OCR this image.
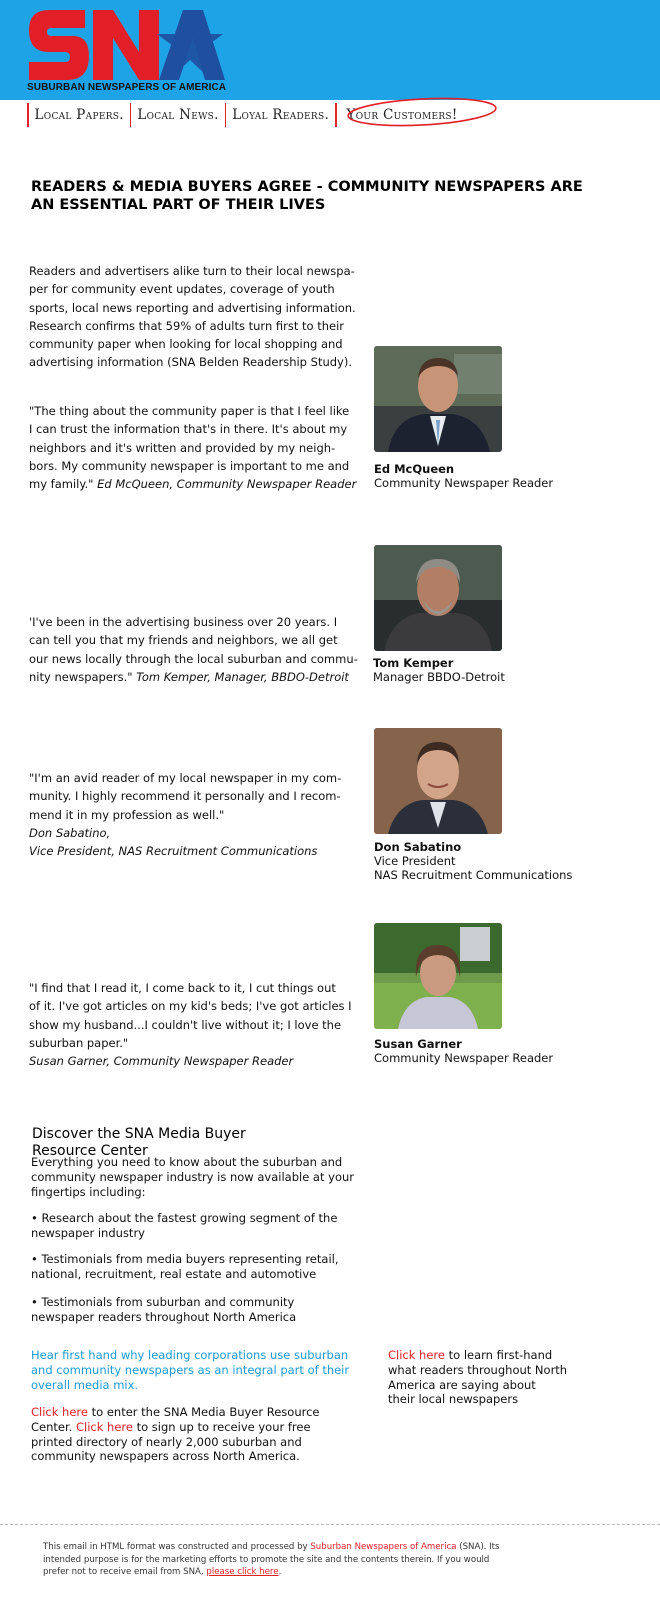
SUBURBAN NEWSPAPERS OF AMERICA
Local Papers.	Local News.	Loyal Readers.	Your Customers!
READERS & MEDIA BUYERS AGREE - COMMUNITY NEWSPAPERS ARE
AN ESSENTIAL PART OF THEIR LIVES
Readers and advertisers alike turn to their local newspa-
per for community event updates, coverage of youth
sports, local news reporting and advertising information.
Research confirms that 59% of adults turn first to their
community paper when looking for local shopping and
advertising information (SNA Belden Readership Study).
"The thing about the community paper is that I feel like
I can trust the information that's in there. It's about my
neighbors and it's written and provided by my neigh-
bors. My community newspaper is important to me and
my family." Ed McQueen, Community Newspaper Reader
Ed McQueen
Community Newspaper Reader
'I've been in the advertising business over 20 years. I
can tell you that my friends and neighbors, we all get
our news locally through the local suburban and commu-
nity newspapers." Tom Kemper, Manager, BBDO-Detroit
Tom Kemper
Manager BBDO-Detroit
"I'm an avid reader of my local newspaper in my com-
munity. I highly recommend it personally and I recom-
mend it in my profession as well."
Don Sabatino,
Vice President, NAS Recruitment Communications	Don Sabatino
Vice President
NAS Recruitment Communications
"I find that I read it, I come back to it, I cut things out
of it. I've got articles on my kid's beds; I've got articles I
show my husband...I couldn't live without it; I love the
suburban paper."
Susan Garner, Community Newspaper Reader
Susan Garner
Community Newspaper Reader
Discover the SNA Media Buyer
Resource Center
Everything you need to know about the suburban and
community newspaper industry is now available at your
fingertips including:
• Research about the fastest growing segment of the
newspaper industry
• Testimonials from media buyers representing retail,
national, recruitment, real estate and automotive
• Testimonials from suburban and community
newspaper readers throughout North America
Hear first hand why leading corporations use suburban
and community newspapers as an integral part of their
overall media mix.
Click here to enter the SNA Media Buyer Resource
Center. Click here to sign up to receive your free
printed directory of nearly 2,000 suburban and
community newspapers across North America.
Click here to learn first-hand
what readers throughout North
America are saying about
their local newspapers
This email in HTML format was constructed and processed by Suburban Newspapers of America (SNA). Its
intended purpose is for the marketing efforts to promote the site and the contents therein. If you would
prefer not to receive email from SNA, please click here.
